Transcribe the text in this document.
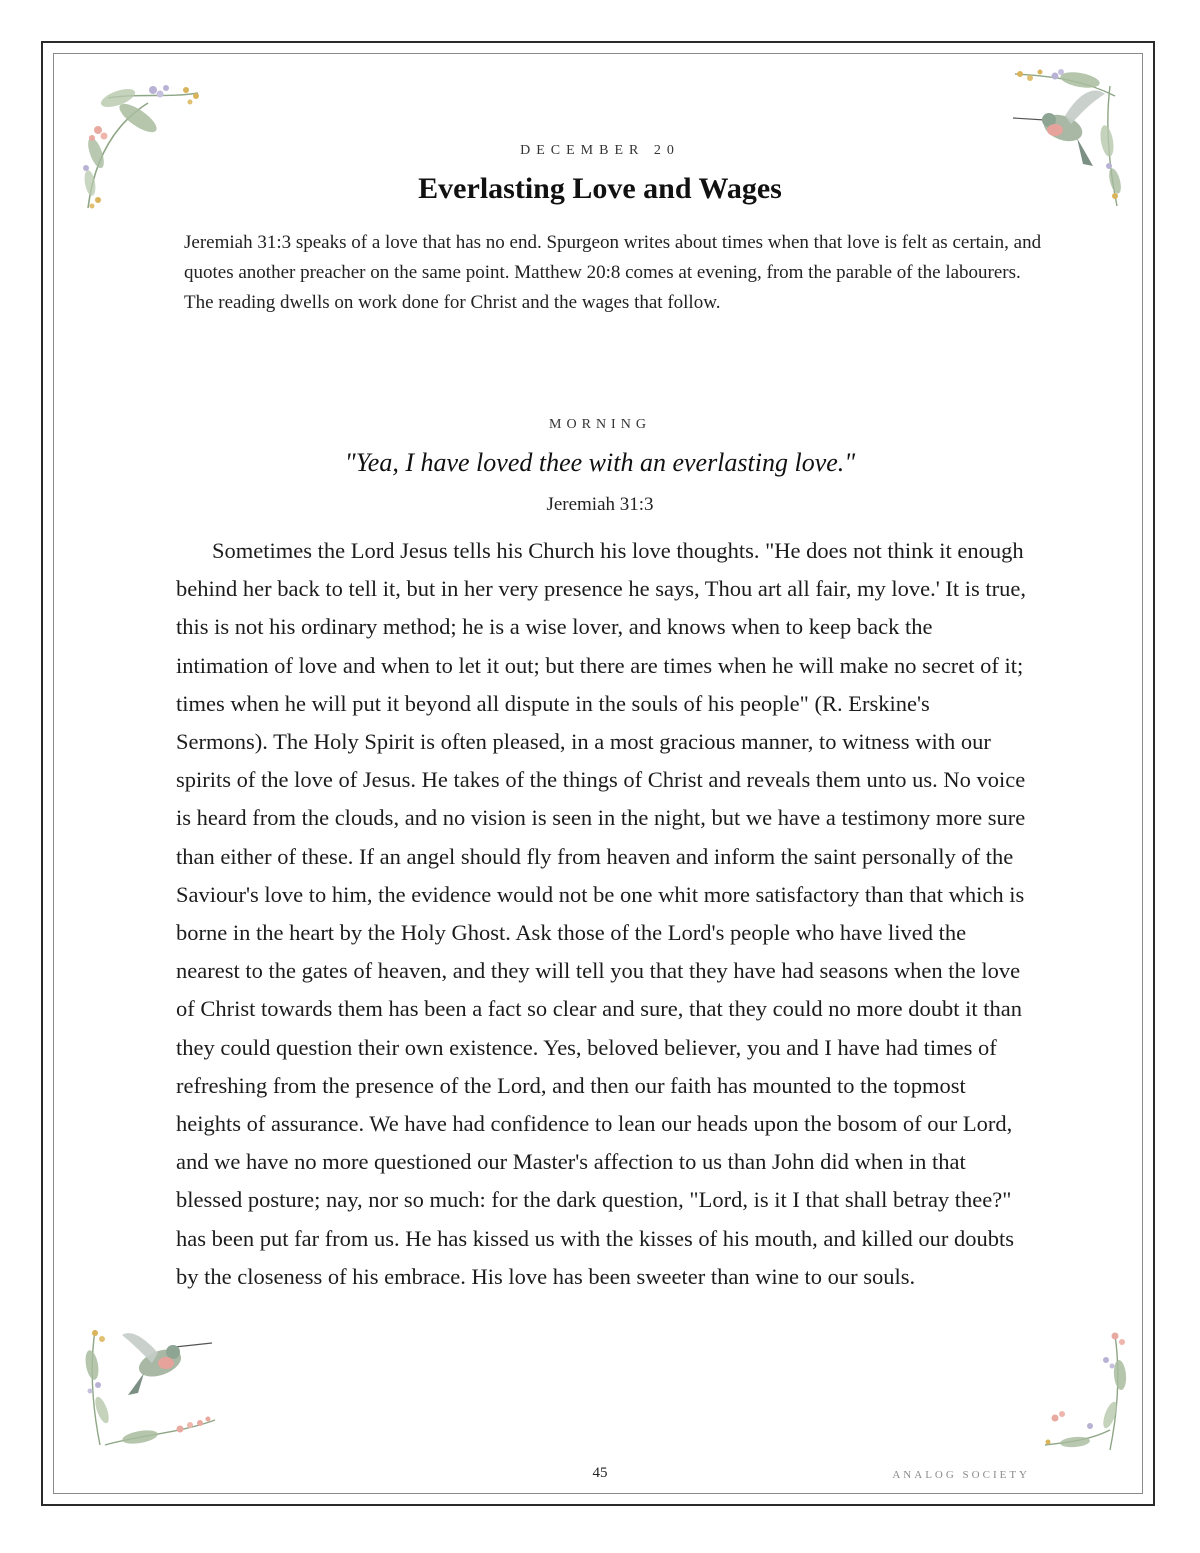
DECEMBER 20
Everlasting Love and Wages
Jeremiah 31:3 speaks of a love that has no end. Spurgeon writes about times when that love is felt as certain, and quotes another preacher on the same point. Matthew 20:8 comes at evening, from the parable of the labourers. The reading dwells on work done for Christ and the wages that follow.
MORNING
"Yea, I have loved thee with an everlasting love."
Jeremiah 31:3

Sometimes the Lord Jesus tells his Church his love thoughts. "He does not think it enough behind her back to tell it, but in her very presence he says, Thou art all fair, my love.' It is true, this is not his ordinary method; he is a wise lover, and knows when to keep back the intimation of love and when to let it out; but there are times when he will make no secret of it; times when he will put it beyond all dispute in the souls of his people" (R. Erskine's Sermons). The Holy Spirit is often pleased, in a most gracious manner, to witness with our spirits of the love of Jesus. He takes of the things of Christ and reveals them unto us. No voice is heard from the clouds, and no vision is seen in the night, but we have a testimony more sure than either of these. If an angel should fly from heaven and inform the saint personally of the Saviour's love to him, the evidence would not be one whit more satisfactory than that which is borne in the heart by the Holy Ghost. Ask those of the Lord's people who have lived the nearest to the gates of heaven, and they will tell you that they have had seasons when the love of Christ towards them has been a fact so clear and sure, that they could no more doubt it than they could question their own existence. Yes, beloved believer, you and I have had times of refreshing from the presence of the Lord, and then our faith has mounted to the topmost heights of assurance. We have had confidence to lean our heads upon the bosom of our Lord, and we have no more questioned our Master's affection to us than John did when in that blessed posture; nay, nor so much: for the dark question, "Lord, is it I that shall betray thee?" has been put far from us. He has kissed us with the kisses of his mouth, and killed our doubts by the closeness of his embrace. His love has been sweeter than wine to our souls.

45	ANALOG SOCIETY
